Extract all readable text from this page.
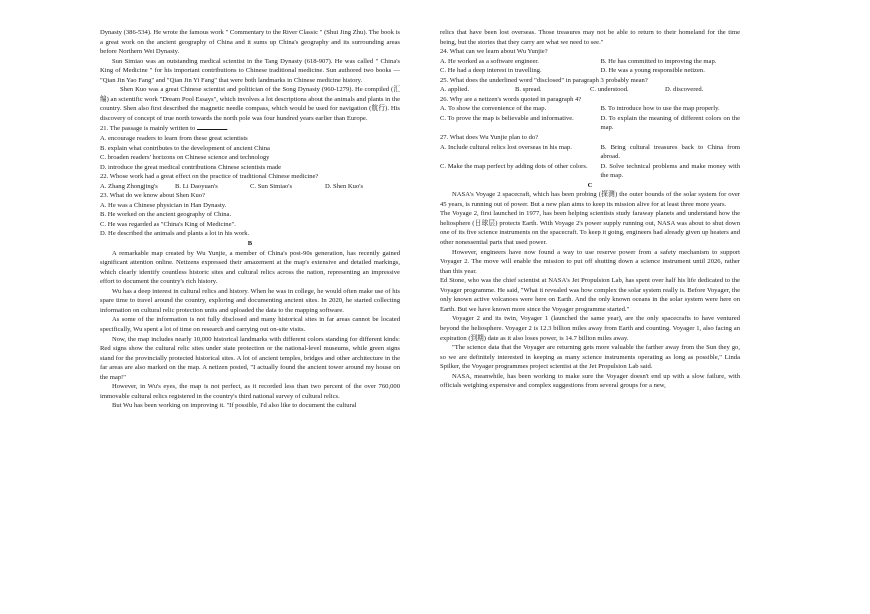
Dynasty (386-534). He wrote the famous work " Commentary to the River Classic " (Shui Jing Zhu). The book is a great work on the ancient geography of China and it sums up China's geography and its surrounding areas before Northern Wei Dynasty.

Sun Simiao was an outstanding medical scientist in the Tang Dynasty (618-907). He was called " China's King of Medicine " for his important contributions to Chinese traditional medicine. Sun authored two books — "Qian Jin Yao Fang" and "Qian Jin Yi Fang" that were both landmarks in Chinese medicine history.

Shen Kuo was a great Chinese scientist and politician of the Song Dynasty (960-1279). He compiled (汇编) an scientific work "Dream Pool Essays", which involves a lot descriptions about the animals and plants in the country. Shen also first described the magnetic needle compass, which would be used for navigation (航行). His discovery of concept of true north towards the north pole was four hundred years earlier than Europe.

21. The passage is mainly written to	.

A. encourage readers to learn from these great scientists

B. explain what contributes to the development of ancient China

C. broaden readers' horizons on Chinese science and technology

D. introduce the great medical contributions Chinese scientists made

22. Whose work had a great effect on the practice of traditional Chinese medicine?

A. Zhang Zhongjing's	B. Li Daoyuan's	C. Sun Simiao's	D. Shen Kuo's

23. What do we know about Shen Kuo?

A. He was a Chinese physician in Han Dynasty.

B. He worked on the ancient geography of China.

C. He was regarded as "China's King of Medicine".

D. He described the animals and plants a lot in his work.

B

A remarkable map created by Wu Yunjie, a member of China's post-90s generation, has recently gained significant attention online. Netizens expressed their amazement at the map's extensive and detailed markings, which clearly identify countless historic sites and cultural relics across the nation, representing an impressive effort to document the country's rich history.

Wu has a deep interest in cultural relics and history. When he was in college, he would often make use of his spare time to travel around the country, exploring and documenting ancient sites. In 2020, he started collecting information on cultural relic protection units and uploaded the data to the mapping software.

As some of the information is not fully disclosed and many historical sites in far areas cannot be located specifically, Wu spent a lot of time on research and carrying out on-site visits.

Now, the map includes nearly 10,000 historical landmarks with different colors standing for different kinds: Red signs show the cultural relic sites under state protection or the national-level museums, while green signs stand for the provincially protected historical sites. A lot of ancient temples, bridges and other architecture in the far areas are also marked on the map. A netizen posted, "I actually found the ancient tower around my house on the map!"

However, in Wu's eyes, the map is not perfect, as it recorded less than two percent of the over 760,000 immovable cultural relics registered in the country's third national survey of cultural relics.

But Wu has been working on improving it. "If possible, I'd also like to document the cultural

relics that have been lost overseas. Those treasures may not be able to return to their homeland for the time being, but the stories that they carry are what we need to see."

24. What can we learn about Wu Yunjie?

A. He worked as a software engineer.	B. He has committed to improving the map.
C. He had a deep interest in travelling.	D. He was a young responsible netizen.

25. What does the underlined word "disclosed" in paragraph 3 probably mean?

A. applied.	B. spread.	C. understood.	D. discovered.

26. Why are a netizen's words quoted in paragraph 4?

A. To show the convenience of the map.	B. To introduce how to use the map properly.
C. To prove the map is believable and informative.	D. To explain the meaning of different colors on the map.

27. What does Wu Yunjie plan to do?

A. Include cultural relics lost overseas in his map.	B. Bring cultural treasures back to China from abroad.
C. Make the map perfect by adding dots of other colors.	D. Solve technical problems and make money with the map.

C

NASA's Voyage 2 spacecraft, which has been probing (探测) the outer bounds of the solar system for over 45 years, is running out of power. But a new plan aims to keep its mission alive for at least three more years.

The Voyage 2, first launched in 1977, has been helping scientists study faraway planets and understand how the heliosphere (日球层) protects Earth. With Voyage 2's power supply running out, NASA was about to shut down one of its five science instruments on the spacecraft. To keep it going, engineers had already given up heaters and other nonessential parts that used power.

However, engineers have now found a way to use reserve power from a safety mechanism to support Voyager 2. The move will enable the mission to put off shutting down a science instrument until 2026, rather than this year.

Ed Stone, who was the chief scientist at NASA's Jet Propulsion Lab, has spent over half his life dedicated to the Voyager programme. He said, "What it revealed was how complex the solar system really is. Before Voyager, the only known active volcanoes were here on Earth. And the only known oceans in the solar system were here on Earth. But we have known more since the Voyager programme started."

Voyager 2 and its twin, Voyager 1 (launched the same year), are the only spacecrafts to have ventured beyond the heliosphere. Voyager 2 is 12.3 billion miles away from Earth and counting. Voyager 1, also facing an expiration (到期) date as it also loses power, is 14.7 billion miles away.

"The science data that the Voyager are returning gets more valuable the farther away from the Sun they go, so we are definitely interested in keeping as many science instruments operating as long as possible," Linda Spilker, the Voyager programmes project scientist at the Jet Propulsion Lab said.

NASA, meanwhile, has been working to make sure the Voyager doesn't end up with a slow failure, with officials weighing expensive and complex suggestions from several groups for a new,
